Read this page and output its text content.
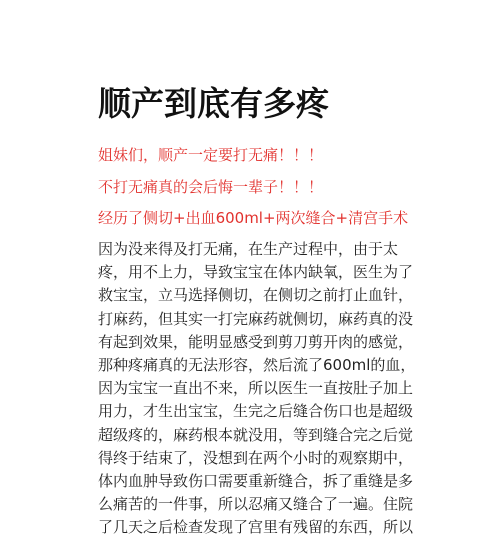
顺产到底有多疼

姐妹们，顺产一定要打无痛！！！

不打无痛真的会后悔一辈子！！！

经历了侧切+出血600ml+两次缝合+清宫手术

因为没来得及打无痛，在生产过程中，由于太
疼，用不上力，导致宝宝在体内缺氧，医生为了
救宝宝，立马选择侧切，在侧切之前打止血针，
打麻药，但其实一打完麻药就侧切，麻药真的没
有起到效果，能明显感受到剪刀剪开肉的感觉，
那种疼痛真的无法形容，然后流了600ml的血，
因为宝宝一直出不来，所以医生一直按肚子加上
用力，才生出宝宝，生完之后缝合伤口也是超级
超级疼的，麻药根本就没用，等到缝合完之后觉
得终于结束了，没想到在两个小时的观察期中，
体内血肿导致伤口需要重新缝合，拆了重缝是多
么痛苦的一件事，所以忍痛又缝合了一遍。住院
了几天之后检查发现了宫里有残留的东西，所以
